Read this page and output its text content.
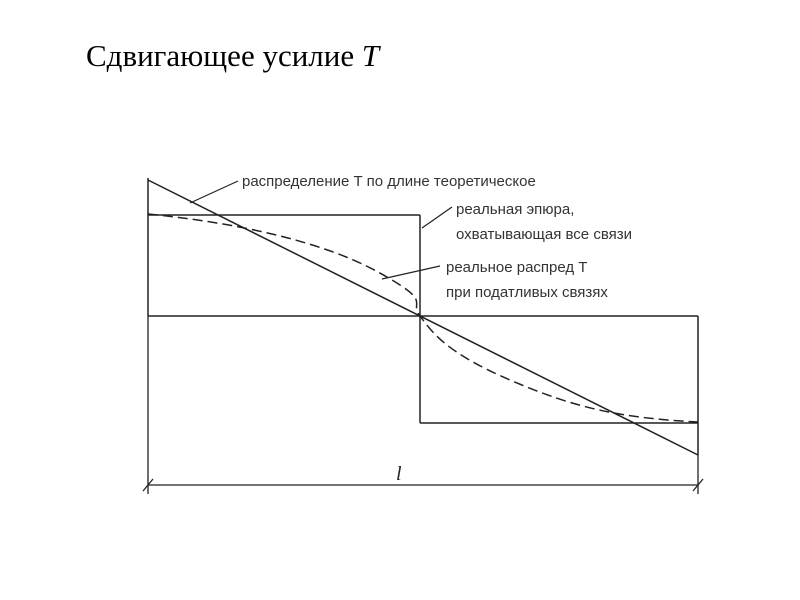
Сдвигающее усилие T
l
распределение T по длине теоретическое
реальная эпюра,
охватывающая все связи
реальное распред T
при податливых связях
